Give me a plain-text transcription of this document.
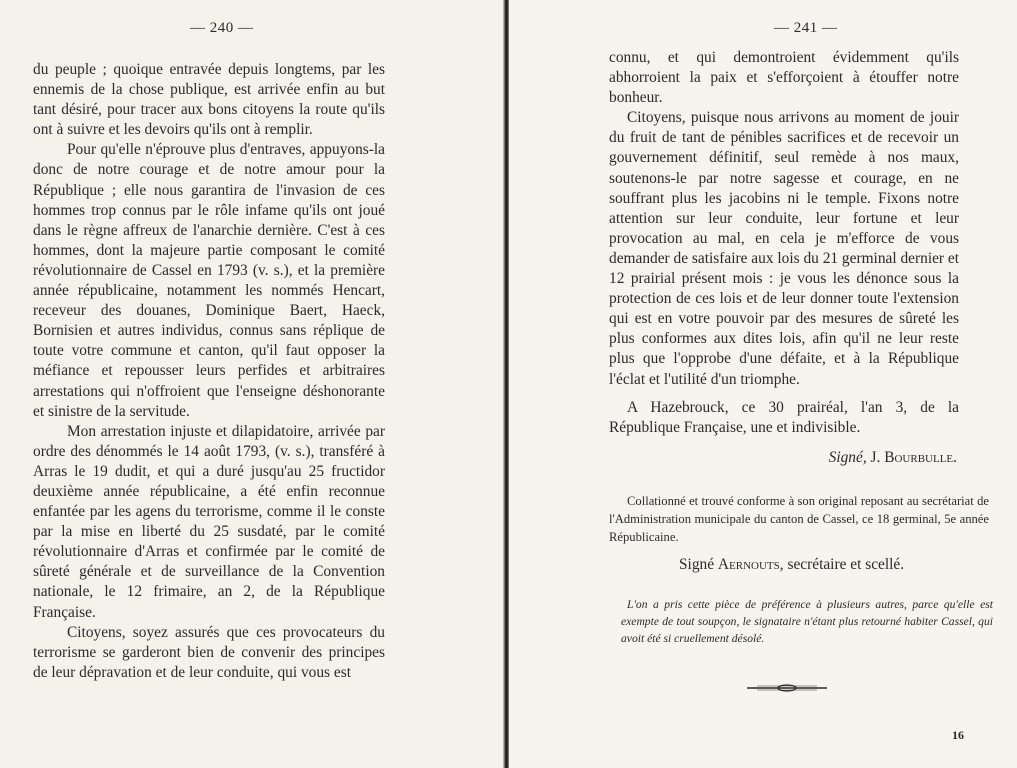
— 240 —

du peuple ; quoique entravée depuis longtems, par les ennemis de la chose publique, est arrivée enfin au but tant désiré, pour tracer aux bons citoyens la route qu'ils ont à suivre et les devoirs qu'ils ont à remplir.

Pour qu'elle n'éprouve plus d'entraves, appuyons-la donc de notre courage et de notre amour pour la République ; elle nous garantira de l'invasion de ces hommes trop connus par le rôle infame qu'ils ont joué dans le règne affreux de l'anarchie dernière. C'est à ces hommes, dont la majeure partie composant le comité révolutionnaire de Cassel en 1793 (v. s.), et la première année républicaine, notamment les nommés Hencart, receveur des douanes, Dominique Baert, Haeck, Bornisien et autres individus, connus sans réplique de toute votre commune et canton, qu'il faut opposer la méfiance et repousser leurs perfides et arbitraires arrestations qui n'offroient que l'enseigne déshonorante et sinistre de la servitude.

Mon arrestation injuste et dilapidatoire, arrivée par ordre des dénommés le 14 août 1793, (v. s.), transféré à Arras le 19 dudit, et qui a duré jusqu'au 25 fructidor deuxième année républicaine, a été enfin reconnue enfantée par les agens du terrorisme, comme il le conste par la mise en liberté du 25 susdaté, par le comité révolutionnaire d'Arras et confirmée par le comité de sûreté générale et de surveillance de la Convention nationale, le 12 frimaire, an 2, de la République Française.

Citoyens, soyez assurés que ces provocateurs du terrorisme se garderont bien de convenir des principes de leur dépravation et de leur conduite, qui vous est

— 241 —

connu, et qui demontroient évidemment qu'ils abhorroient la paix et s'efforçoient à étouffer notre bonheur.

Citoyens, puisque nous arrivons au moment de jouir du fruit de tant de pénibles sacrifices et de recevoir un gouvernement définitif, seul remède à nos maux, soutenons-le par notre sagesse et courage, en ne souffrant plus les jacobins ni le temple. Fixons notre attention sur leur conduite, leur fortune et leur provocation au mal, en cela je m'efforce de vous demander de satisfaire aux lois du 21 germinal dernier et 12 prairial présent mois : je vous les dénonce sous la protection de ces lois et de leur donner toute l'extension qui est en votre pouvoir par des mesures de sûreté les plus conformes aux dites lois, afin qu'il ne leur reste plus que l'opprobe d'une défaite, et à la République l'éclat et l'utilité d'un triomphe.

A Hazebrouck, ce 30 prairéal, l'an 3, de la République Française, une et indivisible.

Signé, J. Bourbulle.

Collationné et trouvé conforme à son original reposant au secrétariat de l'Administration municipale du canton de Cassel, ce 18 germinal, 5e année Républicaine.

Signé Aernouts, secrétaire et scellé.

L'on a pris cette pièce de préférence à plusieurs autres, parce qu'elle est exempte de tout soupçon, le signataire n'étant plus retourné habiter Cassel, qui avoit été si cruellement désolé.

16
